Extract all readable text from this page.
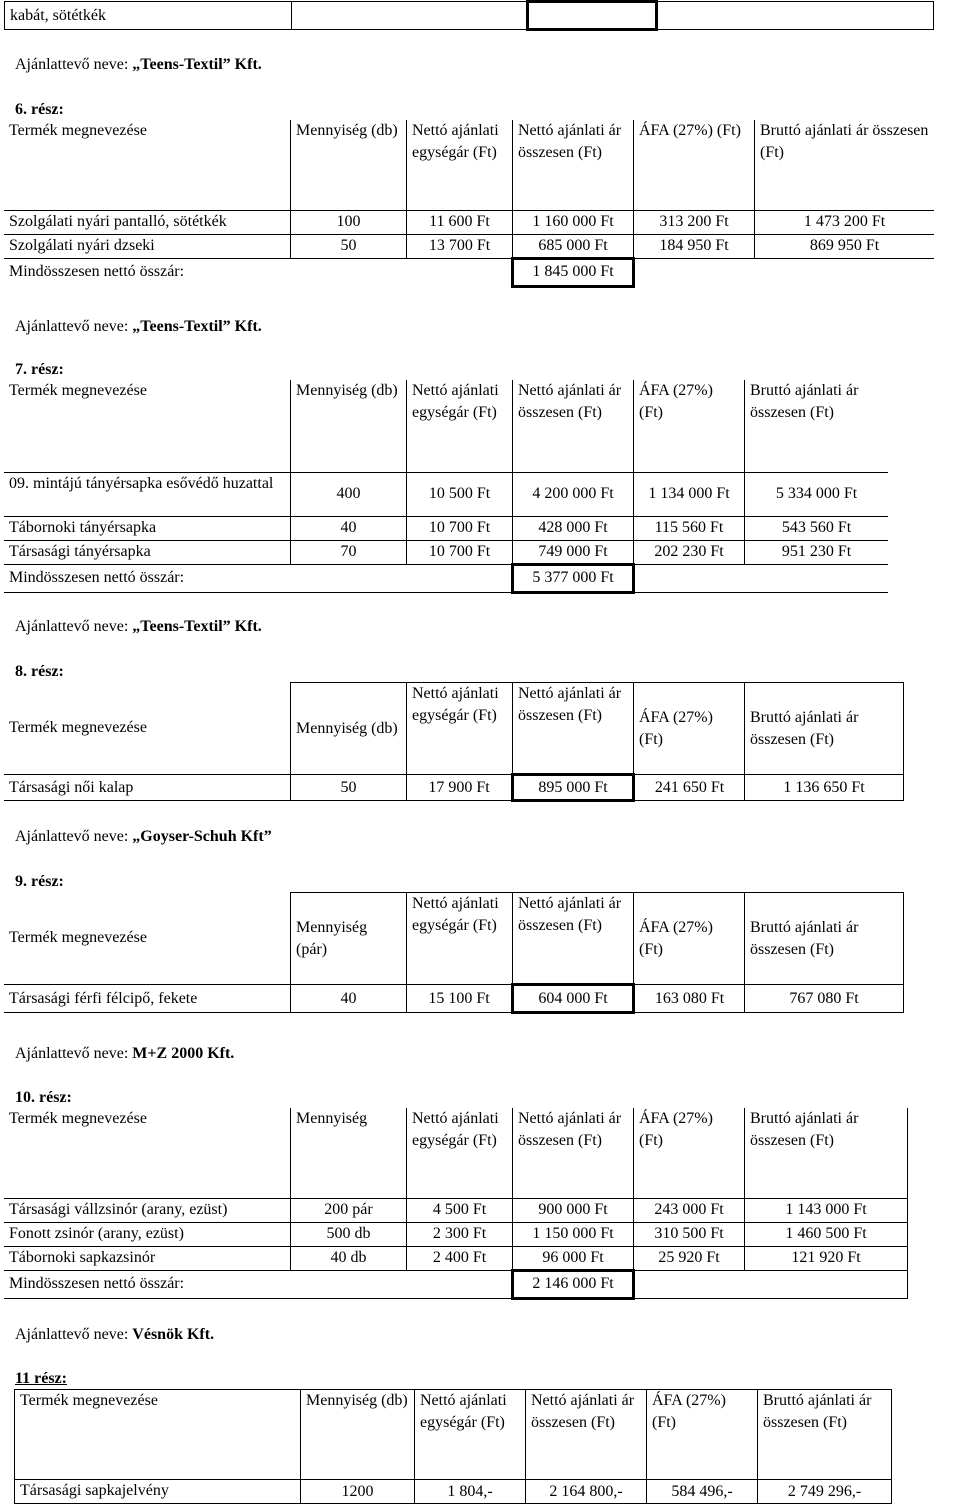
kabát, sötétkék			
Ajánlattevő neve: „Teens-Textil” Kft.
6. rész:
Termék megnevezése	Mennyiség (db)	Nettó ajánlati egységár (Ft)	Nettó ajánlati ár összesen (Ft)	ÁFA (27%) (Ft)	Bruttó ajánlati ár összesen (Ft)
Szolgálati nyári pantalló, sötétkék	100	11 600 Ft	1 160 000 Ft	313 200 Ft	1 473 200 Ft
Szolgálati nyári dzseki	50	13 700 Ft	685 000 Ft	184 950 Ft	869 950 Ft
Mindösszesen nettó összár:			1 845 000 Ft		
Ajánlattevő neve: „Teens-Textil” Kft.
7. rész:
Termék megnevezése	Mennyiség (db)	Nettó ajánlati egységár (Ft)	Nettó ajánlati ár összesen (Ft)	ÁFA (27%) (Ft)	Bruttó ajánlati ár összesen (Ft)
09. mintájú tányérsapka esővédő huzattal	400	10 500 Ft	4 200 000 Ft	1 134 000 Ft	5 334 000 Ft
Tábornoki tányérsapka	40	10 700 Ft	428 000 Ft	115 560 Ft	543 560 Ft
Társasági tányérsapka	70	10 700 Ft	749 000 Ft	202 230 Ft	951 230 Ft
Mindösszesen nettó összár:			5 377 000 Ft		
Ajánlattevő neve: „Teens-Textil” Kft.
8. rész:
Termék megnevezése	Mennyiség (db)	Nettó ajánlati egységár (Ft)	Nettó ajánlati ár összesen (Ft)	ÁFA (27%) (Ft)	Bruttó ajánlati ár összesen (Ft)
Társasági női kalap	50	17 900 Ft	895 000 Ft	241 650 Ft	1 136 650 Ft
Ajánlattevő neve: „Goyser-Schuh Kft”
9. rész:
Termék megnevezése	Mennyiség (pár)	Nettó ajánlati egységár (Ft)	Nettó ajánlati ár összesen (Ft)	ÁFA (27%) (Ft)	Bruttó ajánlati ár összesen (Ft)
Társasági férfi félcipő, fekete	40	15 100 Ft	604 000 Ft	163 080 Ft	767 080 Ft
Ajánlattevő neve: M+Z 2000 Kft.
10. rész:
Termék megnevezése	Mennyiség	Nettó ajánlati egységár (Ft)	Nettó ajánlati ár összesen (Ft)	ÁFA (27%) (Ft)	Bruttó ajánlati ár összesen (Ft)
Társasági vállzsinór (arany, ezüst)	200 pár	4 500 Ft	900 000 Ft	243 000 Ft	1 143 000 Ft
Fonott zsinór (arany, ezüst)	500 db	2 300 Ft	1 150 000 Ft	310 500 Ft	1 460 500 Ft
Tábornoki sapkazsinór	40 db	2 400 Ft	96 000 Ft	25 920 Ft	121 920 Ft
Mindösszesen nettó összár:			2 146 000 Ft		
Ajánlattevő neve: Vésnök Kft.
11 rész:
Termék megnevezése	Mennyiség (db)	Nettó ajánlati egységár (Ft)	Nettó ajánlati ár összesen (Ft)	ÁFA (27%) (Ft)	Bruttó ajánlati ár összesen (Ft)
Társasági sapkajelvény	1200	1 804,-	2 164 800,-	584 496,-	2 749 296,-
